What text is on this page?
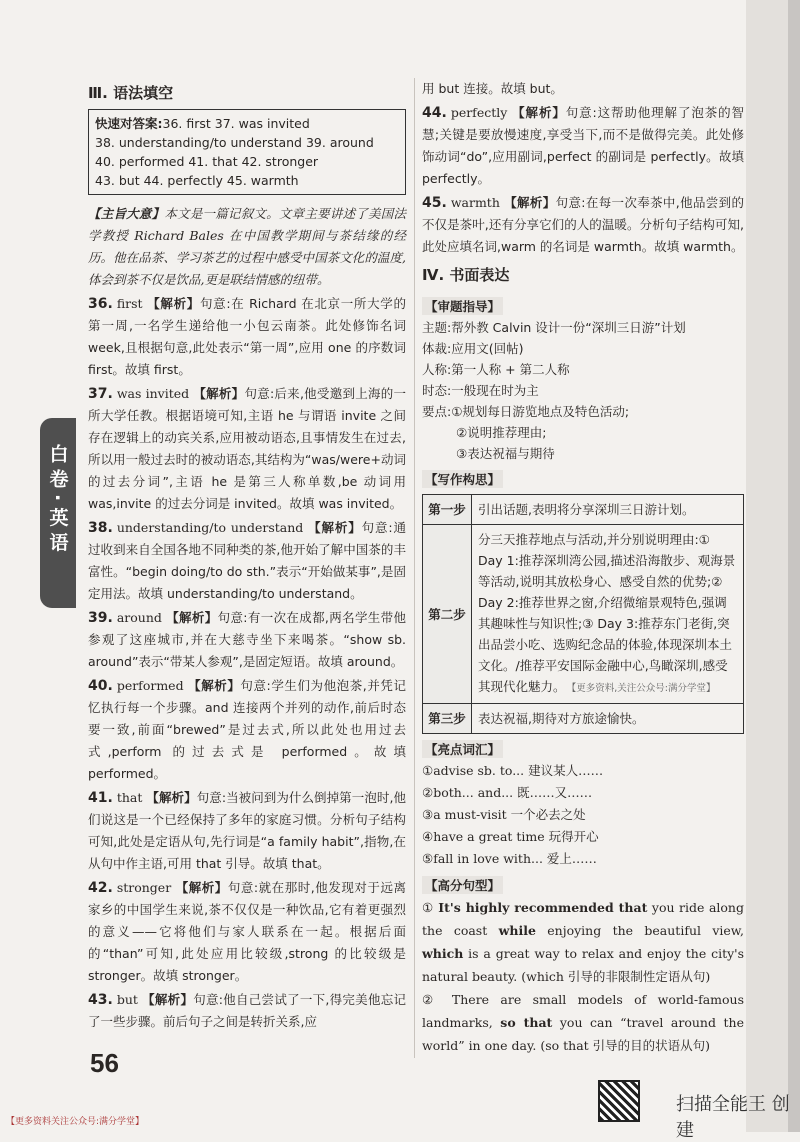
白卷·英语
Ⅲ. 语法填空
快速对答案:36. first 37. was invited
38. understanding/to understand 39. around
40. performed 41. that 42. stronger
43. but 44. perfectly 45. warmth
【主旨大意】本文是一篇记叙文。文章主要讲述了美国法学教授 Richard Bales 在中国教学期间与茶结缘的经历。他在品茶、学习茶艺的过程中感受中国茶文化的温度,体会到茶不仅是饮品,更是联结情感的纽带。
36. first 【解析】句意:在 Richard 在北京一所大学的第一周,一名学生递给他一小包云南茶。此处修饰名词 week,且根据句意,此处表示“第一周”,应用 one 的序数词 first。故填 first。
37. was invited 【解析】句意:后来,他受邀到上海的一所大学任教。根据语境可知,主语 he 与谓语 invite 之间存在逻辑上的动宾关系,应用被动语态,且事情发生在过去,所以用一般过去时的被动语态,其结构为“was/were+动词的过去分词”,主语 he 是第三人称单数,be 动词用 was,invite 的过去分词是 invited。故填 was invited。
38. understanding/to understand 【解析】句意:通过收到来自全国各地不同种类的茶,他开始了解中国茶的丰富性。“begin doing/to do sth.”表示“开始做某事”,是固定用法。故填 understanding/to understand。
39. around 【解析】句意:有一次在成都,两名学生带他参观了这座城市,并在大慈寺坐下来喝茶。“show sb. around”表示“带某人参观”,是固定短语。故填 around。
40. performed 【解析】句意:学生们为他泡茶,并凭记忆执行每一个步骤。and 连接两个并列的动作,前后时态要一致,前面“brewed”是过去式,所以此处也用过去式,perform 的过去式是 performed。故填 performed。
41. that 【解析】句意:当被问到为什么倒掉第一泡时,他们说这是一个已经保持了多年的家庭习惯。分析句子结构可知,此处是定语从句,先行词是“a family habit”,指物,在从句中作主语,可用 that 引导。故填 that。
42. stronger 【解析】句意:就在那时,他发现对于远离家乡的中国学生来说,茶不仅仅是一种饮品,它有着更强烈的意义——它将他们与家人联系在一起。根据后面的“than”可知,此处应用比较级,strong 的比较级是 stronger。故填 stronger。
43. but 【解析】句意:他自己尝试了一下,得完美他忘记了一些步骤。前后句子之间是转折关系,应
用 but 连接。故填 but。
44. perfectly 【解析】句意:这帮助他理解了泡茶的智慧;关键是要放慢速度,享受当下,而不是做得完美。此处修饰动词“do”,应用副词,perfect 的副词是 perfectly。故填 perfectly。
45. warmth 【解析】句意:在每一次奉茶中,他品尝到的不仅是茶叶,还有分享它们的人的温暖。分析句子结构可知,此处应填名词,warm 的名词是 warmth。故填 warmth。
Ⅳ. 书面表达
【审题指导】
主题:帮外教 Calvin 设计一份“深圳三日游”计划
体裁:应用文(回帖)
人称:第一人称 + 第二人称
时态:一般现在时为主
要点:①规划每日游览地点及特色活动;
②说明推荐理由;
③表达祝福与期待
【写作构思】
第一步	引出话题,表明将分享深圳三日游计划。
第二步	分三天推荐地点与活动,并分别说明理由:① Day 1:推荐深圳湾公园,描述沿海散步、观海景等活动,说明其放松身心、感受自然的优势;② Day 2:推荐世界之窗,介绍微缩景观特色,强调其趣味性与知识性;③ Day 3:推荐东门老街,突出品尝小吃、选购纪念品的体验,体现深圳本土文化。/推荐平安国际金融中心,鸟瞰深圳,感受其现代化魅力。 【更多资料,关注公众号:满分学堂】
第三步	表达祝福,期待对方旅途愉快。
【亮点词汇】
①advise sb. to... 建议某人……
②both... and... 既……又……
③a must-visit 一个必去之处
④have a great time 玩得开心
⑤fall in love with... 爱上……
【高分句型】
① It's highly recommended that you ride along the coast while enjoying the beautiful view, which is a great way to relax and enjoy the city's natural beauty. (which 引导的非限制性定语从句)
② There are small models of world-famous landmarks, so that you can “travel around the world” in one day. (so that 引导的目的状语从句)
56
扫描全能王 创建
【更多资料关注公众号:满分学堂】
